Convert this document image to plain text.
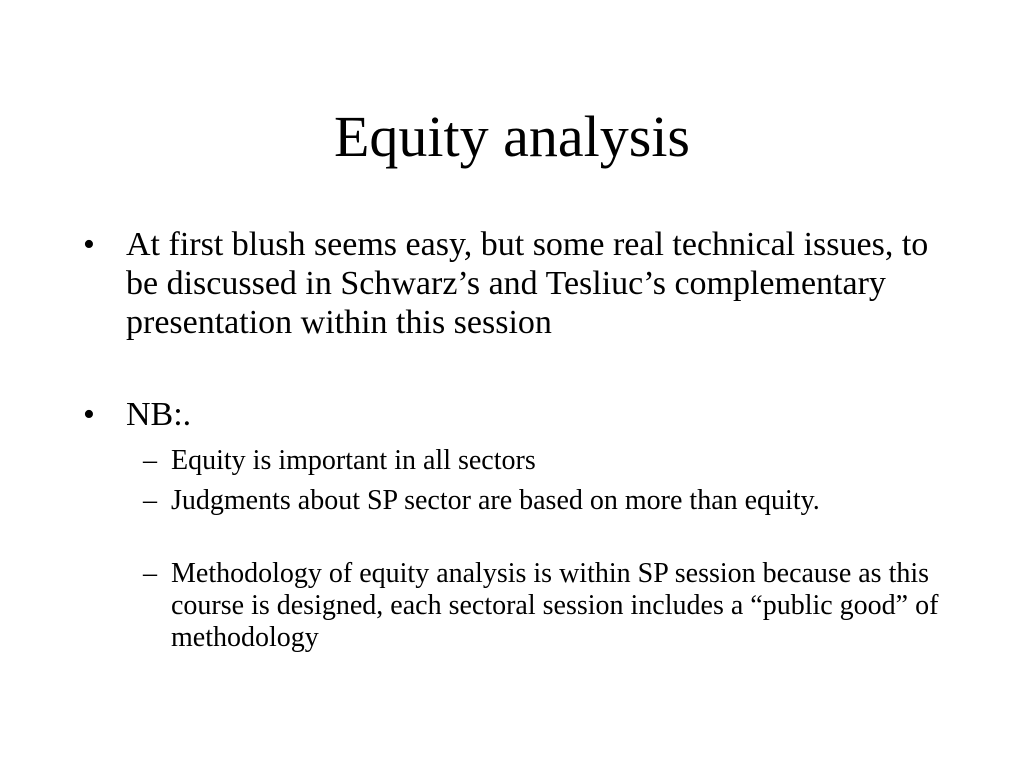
Equity analysis
• At first blush seems easy, but some real technical issues, to be discussed in Schwarz’s and Tesliuc’s complementary presentation within this session
• NB:.
– Equity is important in all sectors
– Judgments about SP sector are based on more than equity.
– Methodology of equity analysis is within SP session because as this course is designed, each sectoral session includes a “public good” of methodology
